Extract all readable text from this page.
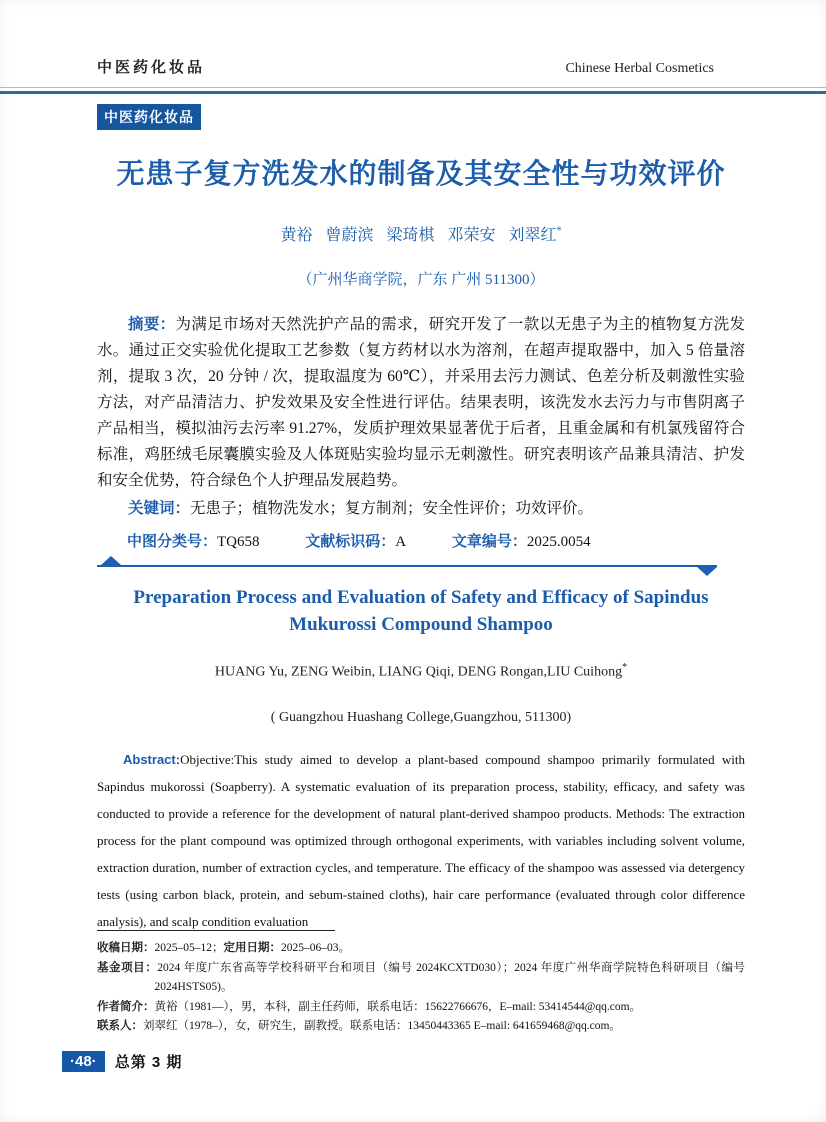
中医药化妆品	Chinese Herbal Cosmetics
中医药化妆品
无患子复方洗发水的制备及其安全性与功效评价
黄裕 曾蔚滨 梁琦棋 邓荣安 刘翠红*
（广州华商学院，广东 广州 511300）
摘要：为满足市场对天然洗护产品的需求，研究开发了一款以无患子为主的植物复方洗发水。通过正交实验优化提取工艺参数（复方药材以水为溶剂，在超声提取器中，加入 5 倍量溶剂，提取 3 次，20 分钟 / 次，提取温度为 60℃），并采用去污力测试、色差分析及刺激性实验方法，对产品清洁力、护发效果及安全性进行评估。结果表明，该洗发水去污力与市售阴离子产品相当，模拟油污去污率 91.27%，发质护理效果显著优于后者，且重金属和有机氯残留符合标准，鸡胚绒毛尿囊膜实验及人体斑贴实验均显示无刺激性。研究表明该产品兼具清洁、护发和安全优势，符合绿色个人护理品发展趋势。
关键词：无患子；植物洗发水；复方制剂；安全性评价；功效评价。
中图分类号：TQ658	文献标识码：A	文章编号：2025.0054
Preparation Process and Evaluation of Safety and Efficacy of Sapindus Mukurossi Compound Shampoo
HUANG Yu, ZENG Weibin, LIANG Qiqi, DENG Rongan,LIU Cuihong*
( Guangzhou Huashang College,Guangzhou, 511300)
Abstract:Objective:This study aimed to develop a plant-based compound shampoo primarily formulated with Sapindus mukorossi (Soapberry). A systematic evaluation of its preparation process, stability, efficacy, and safety was conducted to provide a reference for the development of natural plant-derived shampoo products. Methods: The extraction process for the plant compound was optimized through orthogonal experiments, with variables including solvent volume, extraction duration, number of extraction cycles, and temperature. The efficacy of the shampoo was assessed via detergency tests (using carbon black, protein, and sebum-stained cloths), hair care performance (evaluated through color difference analysis), and scalp condition evaluation
收稿日期：2025–05–12；定用日期：2025–06–03。
基金项目：2024 年度广东省高等学校科研平台和项目（编号 2024KCXTD030）；2024 年度广州华商学院特色科研项目（编号 2024HSTS05)。
作者简介：黄裕（1981—），男，本科，副主任药师，联系电话：15622766676，E–mail: 53414544@qq.com。
联系人：刘翠红（1978–），女，研究生，副教授。联系电话：13450443365 E–mail: 641659468@qq.com。
·48·	总第 3 期
